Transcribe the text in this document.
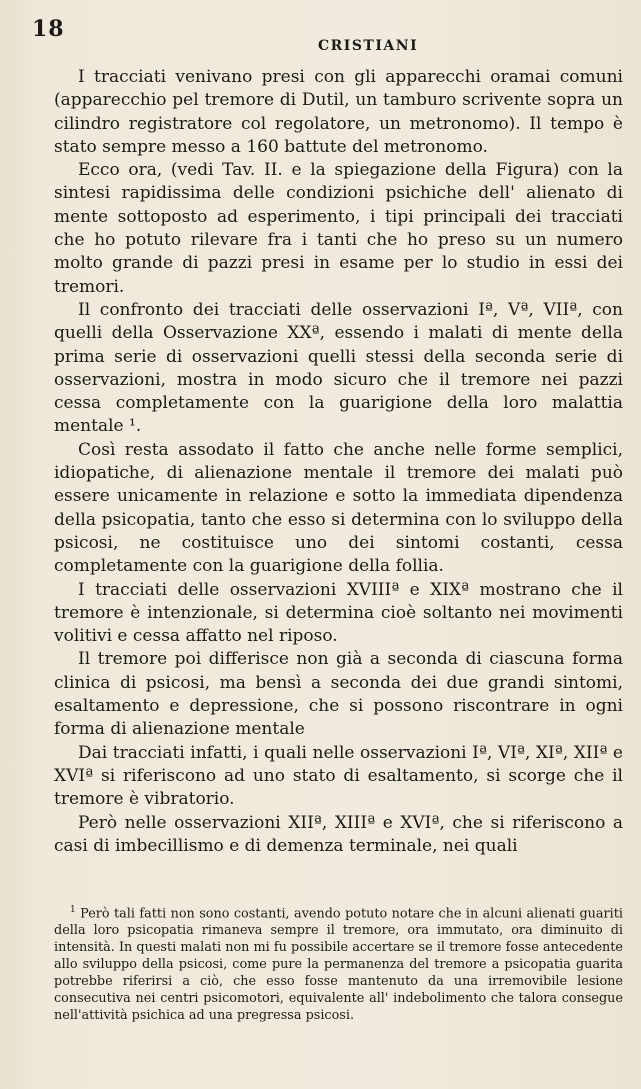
18
CRISTIANI

I tracciati venivano presi con gli apparecchi oramai comuni (apparecchio pel tremore di Dutil, un tamburo scrivente sopra un cilindro registratore col regolatore, un metronomo). Il tempo è stato sempre messo a 160 battute del metronomo.

Ecco ora, (vedi Tav. II. e la spiegazione della Figura) con la sintesi rapidissima delle condizioni psichiche dell' alienato di mente sottoposto ad esperimento, i tipi principali dei tracciati che ho potuto rilevare fra i tanti che ho preso su un numero molto grande di pazzi presi in esame per lo studio in essi dei tremori.

Il confronto dei tracciati delle osservazioni Iª, Vª, VIIª, con quelli della Osservazione XXª, essendo i malati di mente della prima serie di osservazioni quelli stessi della seconda serie di osservazioni, mostra in modo sicuro che il tremore nei pazzi cessa completamente con la guarigione della loro malattia mentale ¹.

Così resta assodato il fatto che anche nelle forme semplici, idiopatiche, di alienazione mentale il tremore dei malati può essere unicamente in relazione e sotto la immediata dipendenza della psicopatia, tanto che esso si determina con lo sviluppo della psicosi, ne costituisce uno dei sintomi costanti, cessa completamente con la guarigione della follia.

I tracciati delle osservazioni XVIIIª e XIXª mostrano che il tremore è intenzionale, si determina cioè soltanto nei movimenti volitivi e cessa affatto nel riposo.

Il tremore poi differisce non già a seconda di ciascuna forma clinica di psicosi, ma bensì a seconda dei due grandi sintomi, esaltamento e depressione, che si possono riscontrare in ogni forma di alienazione mentale

Dai tracciati infatti, i quali nelle osservazioni Iª, VIª, XIª, XIIª e XVIª si riferiscono ad uno stato di esaltamento, si scorge che il tremore è vibratorio.

Però nelle osservazioni XIIª, XIIIª e XVIª, che si riferiscono a casi di imbecillismo e di demenza terminale, nei quali

$^1$ Però tali fatti non sono costanti, avendo potuto notare che in alcuni alienati guariti della loro psicopatia rimaneva sempre il tremore, ora immutato, ora diminuito di intensità. In questi malati non mi fu possibile accertare se il tremore fosse antecedente allo sviluppo della psicosi, come pure la permanenza del tremore a psicopatia guarita potrebbe riferirsi a ciò, che esso fosse mantenuto da una irremovibile lesione consecutiva nei centri psicomotori, equivalente all' indebolimento che talora consegue nell'attività psichica ad una pregressa psicosi.
